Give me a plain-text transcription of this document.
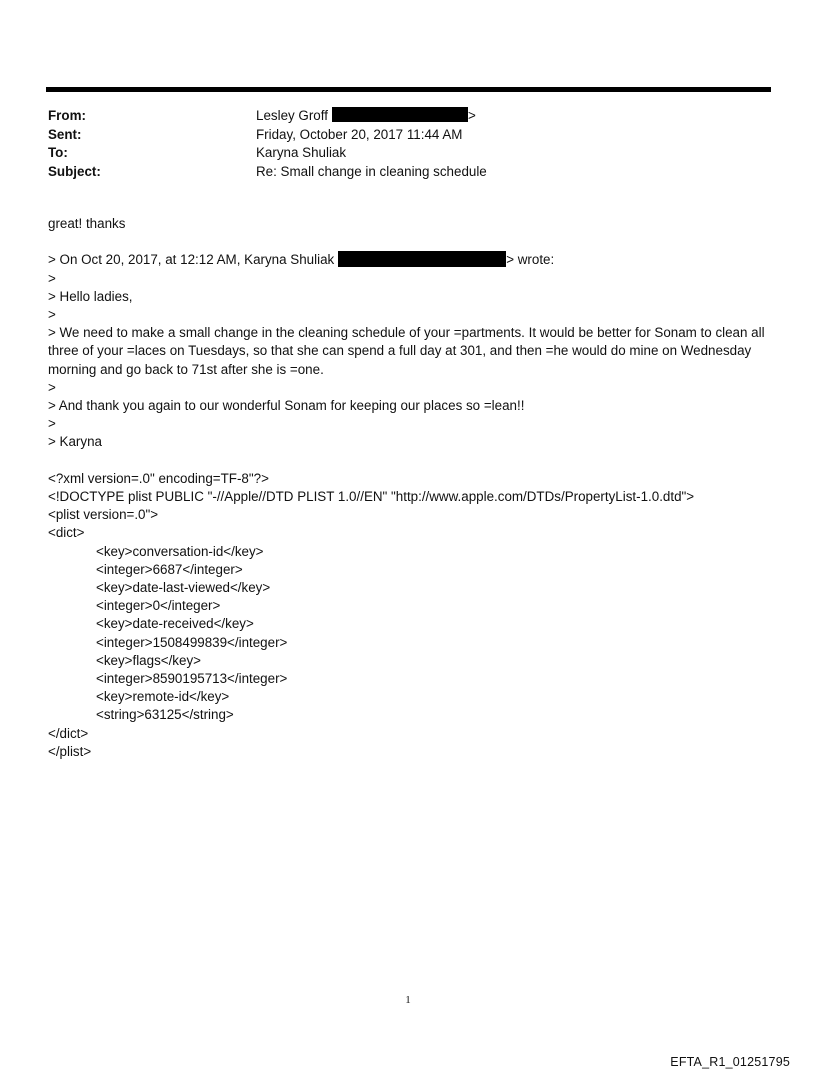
From:	Lesley Groff	>
Sent:	Friday, October 20, 2017 11:44 AM
To:	Karyna Shuliak
Subject:	Re: Small change in cleaning schedule
great! thanks
> On Oct 20, 2017, at 12:12 AM, Karyna Shuliak	> wrote:
>
> Hello ladies,
>
> We need to make a small change in the cleaning schedule of your =partments. It would be better for Sonam to clean all three of your =laces on Tuesdays, so that she can spend a full day at 301, and then =he would do mine on Wednesday morning and go back to 71st after she is =one.
>
> And thank you again to our wonderful Sonam for keeping our places so =lean!!
>
> Karyna
<?xml version=.0" encoding=TF-8"?>
<!DOCTYPE plist PUBLIC "-//Apple//DTD PLIST 1.0//EN" "http://www.apple.com/DTDs/PropertyList-1.0.dtd">
<plist version=.0">
<dict>
<key>conversation-id</key>
<integer>6687</integer>
<key>date-last-viewed</key>
<integer>0</integer>
<key>date-received</key>
<integer>1508499839</integer>
<key>flags</key>
<integer>8590195713</integer>
<key>remote-id</key>
<string>63125</string>
</dict>
</plist>
1
EFTA_R1_01251795
